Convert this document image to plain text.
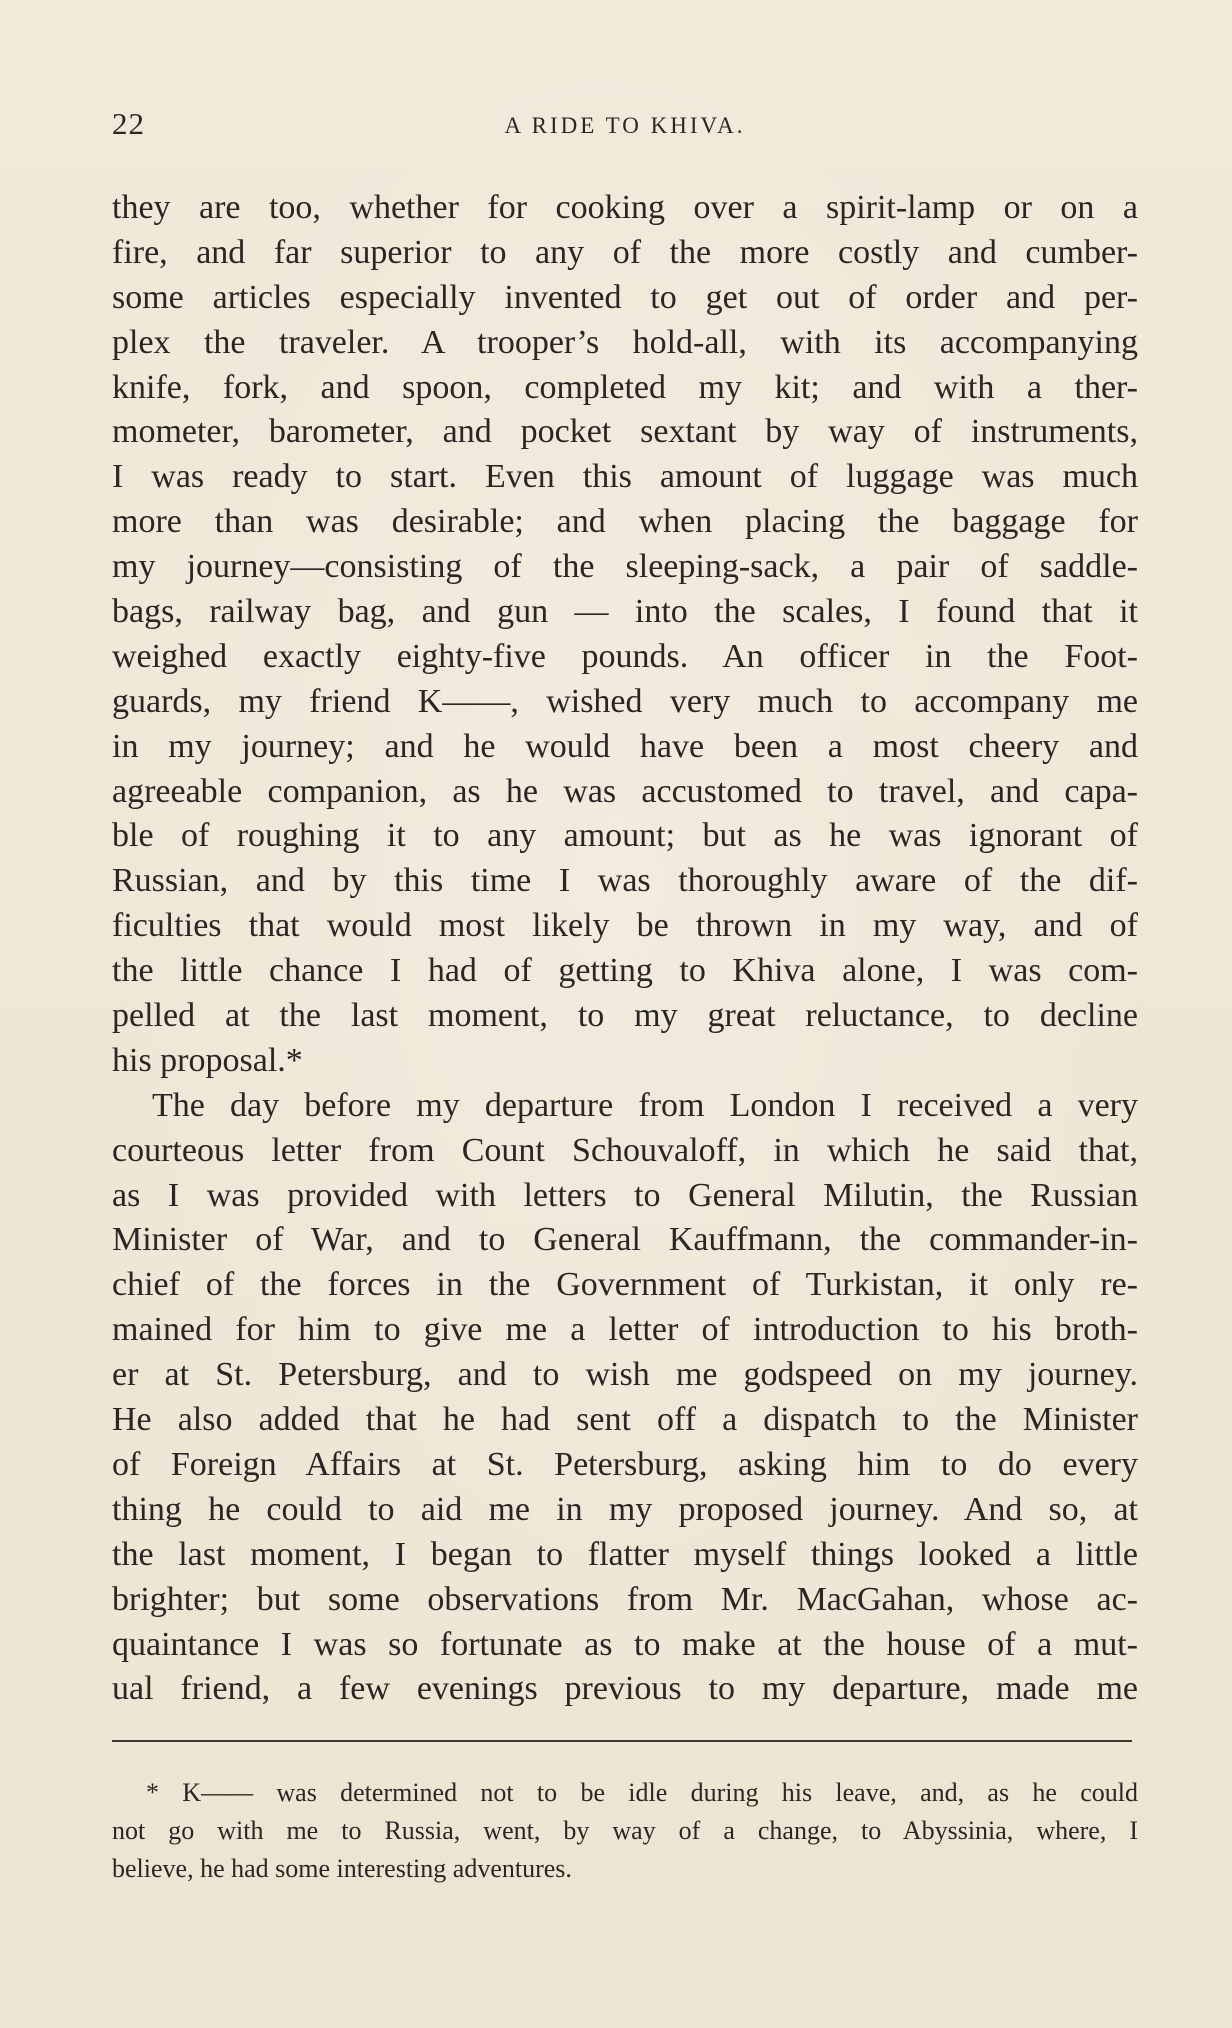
22	A RIDE TO KHIVA.
they are too, whether for cooking over a spirit-lamp or on a
fire, and far superior to any of the more costly and cumber-
some articles especially invented to get out of order and per-
plex the traveler. A trooper’s hold-all, with its accompanying
knife, fork, and spoon, completed my kit; and with a ther-
mometer, barometer, and pocket sextant by way of instruments,
I was ready to start. Even this amount of luggage was much
more than was desirable; and when placing the baggage for
my journey—consisting of the sleeping-sack, a pair of saddle-
bags, railway bag, and gun — into the scales, I found that it
weighed exactly eighty-five pounds. An officer in the Foot-
guards, my friend K——, wished very much to accompany me
in my journey; and he would have been a most cheery and
agreeable companion, as he was accustomed to travel, and capa-
ble of roughing it to any amount; but as he was ignorant of
Russian, and by this time I was thoroughly aware of the dif-
ficulties that would most likely be thrown in my way, and of
the little chance I had of getting to Khiva alone, I was com-
pelled at the last moment, to my great reluctance, to decline
his proposal.*
The day before my departure from London I received a very
courteous letter from Count Schouvaloff, in which he said that,
as I was provided with letters to General Milutin, the Russian
Minister of War, and to General Kauffmann, the commander-in-
chief of the forces in the Government of Turkistan, it only re-
mained for him to give me a letter of introduction to his broth-
er at St. Petersburg, and to wish me godspeed on my journey.
He also added that he had sent off a dispatch to the Minister
of Foreign Affairs at St. Petersburg, asking him to do every
thing he could to aid me in my proposed journey. And so, at
the last moment, I began to flatter myself things looked a little
brighter; but some observations from Mr. MacGahan, whose ac-
quaintance I was so fortunate as to make at the house of a mut-
ual friend, a few evenings previous to my departure, made me
* K—— was determined not to be idle during his leave, and, as he could
not go with me to Russia, went, by way of a change, to Abyssinia, where, I
believe, he had some interesting adventures.
